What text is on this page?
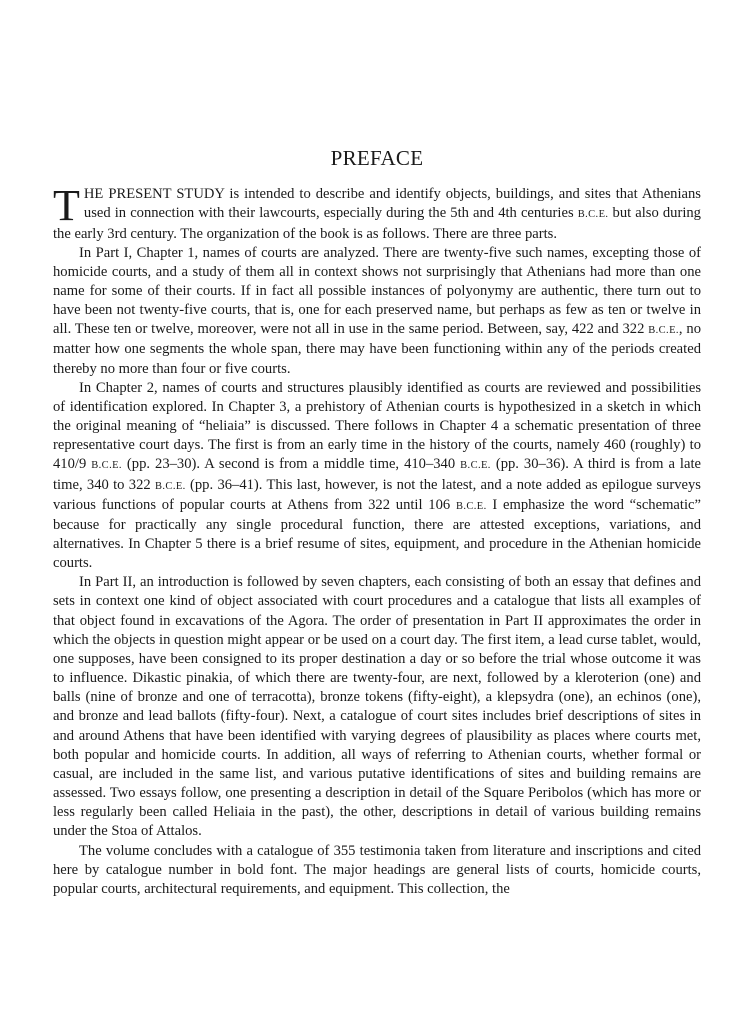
PREFACE

THE PRESENT STUDY is intended to describe and identify objects, buildings, and sites that Athenians used in connection with their lawcourts, especially during the 5th and 4th centuries B.C.E. but also during the early 3rd century. The organization of the book is as follows. There are three parts.

In Part I, Chapter 1, names of courts are analyzed. There are twenty-five such names, excepting those of homicide courts, and a study of them all in context shows not surprisingly that Athenians had more than one name for some of their courts. If in fact all possible instances of polyonymy are authentic, there turn out to have been not twenty-five courts, that is, one for each preserved name, but perhaps as few as ten or twelve in all. These ten or twelve, moreover, were not all in use in the same period. Between, say, 422 and 322 B.C.E., no matter how one segments the whole span, there may have been functioning within any of the periods created thereby no more than four or five courts.

In Chapter 2, names of courts and structures plausibly identified as courts are reviewed and possibilities of identification explored. In Chapter 3, a prehistory of Athenian courts is hypothesized in a sketch in which the original meaning of “heliaia” is discussed. There follows in Chapter 4 a schematic presentation of three representative court days. The first is from an early time in the history of the courts, namely 460 (roughly) to 410/9 B.C.E. (pp. 23–30). A second is from a middle time, 410–340 B.C.E. (pp. 30–36). A third is from a late time, 340 to 322 B.C.E. (pp. 36–41). This last, however, is not the latest, and a note added as epilogue surveys various functions of popular courts at Athens from 322 until 106 B.C.E. I emphasize the word “schematic” because for practically any single procedural function, there are attested exceptions, variations, and alternatives. In Chapter 5 there is a brief resume of sites, equipment, and procedure in the Athenian homicide courts.

In Part II, an introduction is followed by seven chapters, each consisting of both an essay that defines and sets in context one kind of object associated with court procedures and a catalogue that lists all examples of that object found in excavations of the Agora. The order of presentation in Part II approximates the order in which the objects in question might appear or be used on a court day. The first item, a lead curse tablet, would, one supposes, have been consigned to its proper destination a day or so before the trial whose outcome it was to influence. Dikastic pinakia, of which there are twenty-four, are next, followed by a kleroterion (one) and balls (nine of bronze and one of terracotta), bronze tokens (fifty-eight), a klepsydra (one), an echinos (one), and bronze and lead ballots (fifty-four). Next, a catalogue of court sites includes brief descriptions of sites in and around Athens that have been identified with varying degrees of plausibility as places where courts met, both popular and homicide courts. In addition, all ways of referring to Athenian courts, whether formal or casual, are included in the same list, and various putative identifications of sites and building remains are assessed. Two essays follow, one presenting a description in detail of the Square Peribolos (which has more or less regularly been called Heliaia in the past), the other, descriptions in detail of various building remains under the Stoa of Attalos.

The volume concludes with a catalogue of 355 testimonia taken from literature and inscriptions and cited here by catalogue number in bold font. The major headings are general lists of courts, homicide courts, popular courts, architectural requirements, and equipment. This collection, the
